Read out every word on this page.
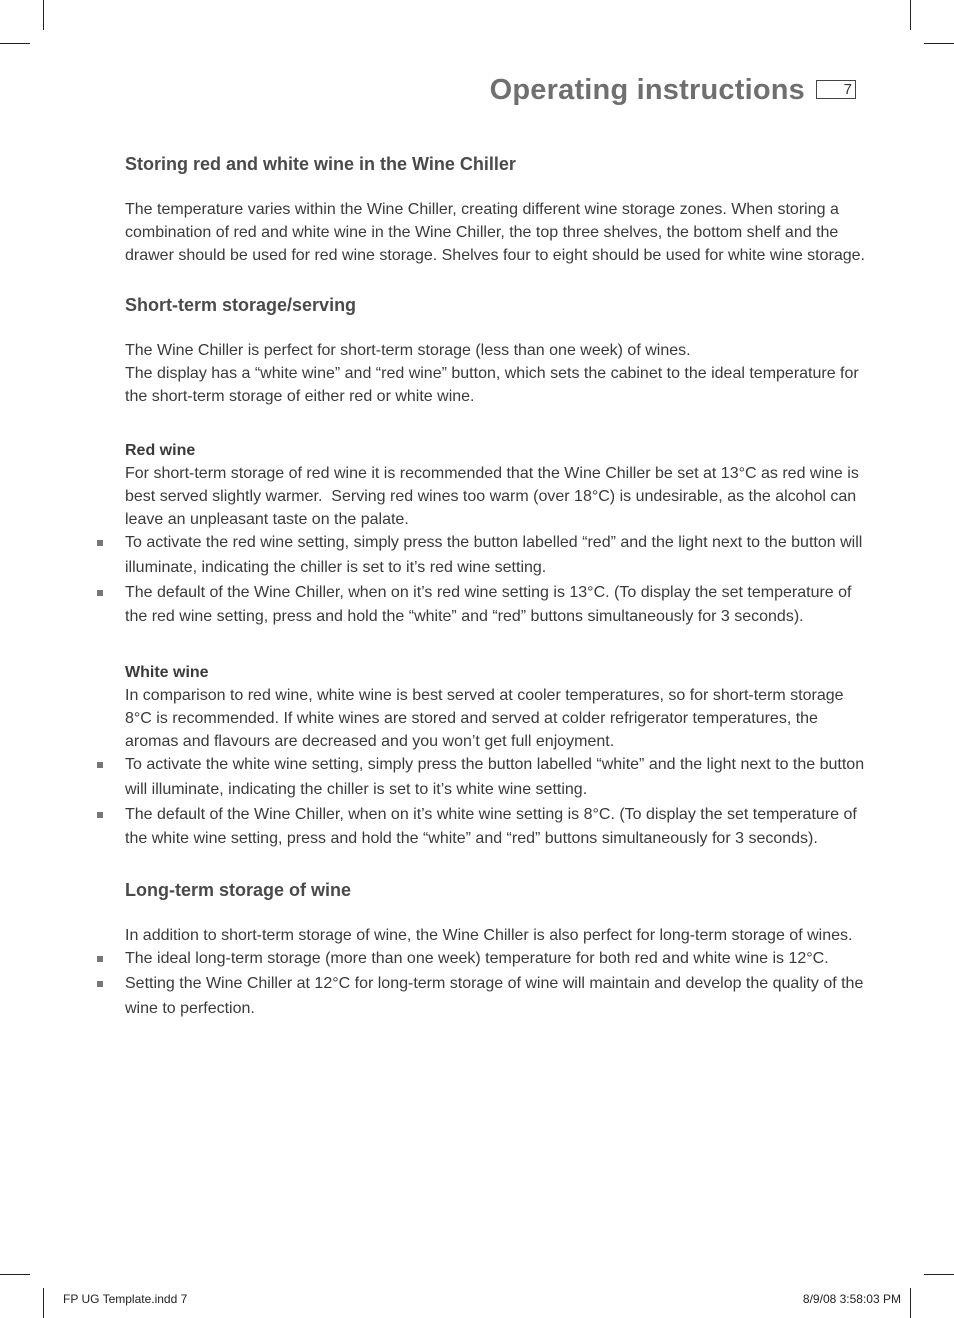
Operating instructions	7
Storing red and white wine in the Wine Chiller

The temperature varies within the Wine Chiller, creating different wine storage zones. When storing a combination of red and white wine in the Wine Chiller, the top three shelves, the bottom shelf and the drawer should be used for red wine storage. Shelves four to eight should be used for white wine storage.

Short-term storage/serving

The Wine Chiller is perfect for short-term storage (less than one week) of wines.

The display has a “white wine” and “red wine” button, which sets the cabinet to the ideal temperature for the short-term storage of either red or white wine.

Red wine

For short-term storage of red wine it is recommended that the Wine Chiller be set at 13°C as red wine is best served slightly warmer.  Serving red wines too warm (over 18°C) is undesirable, as the alcohol can leave an unpleasant taste on the palate.

To activate the red wine setting, simply press the button labelled “red” and the light next to the button will illuminate, indicating the chiller is set to it’s red wine setting.
The default of the Wine Chiller, when on it’s red wine setting is 13°C. (To display the set temperature of the red wine setting, press and hold the “white” and “red” buttons simultaneously for 3 seconds).
White wine

In comparison to red wine, white wine is best served at cooler temperatures, so for short-term storage 8°C is recommended. If white wines are stored and served at colder refrigerator temperatures, the aromas and flavours are decreased and you won’t get full enjoyment.

To activate the white wine setting, simply press the button labelled “white” and the light next to the button will illuminate, indicating the chiller is set to it’s white wine setting.
The default of the Wine Chiller, when on it’s white wine setting is 8°C. (To display the set temperature of the white wine setting, press and hold the “white” and “red” buttons simultaneously for 3 seconds).
Long-term storage of wine

In addition to short-term storage of wine, the Wine Chiller is also perfect for long-term storage of wines.

The ideal long-term storage (more than one week) temperature for both red and white wine is 12°C.
Setting the Wine Chiller at 12°C for long-term storage of wine will maintain and develop the quality of the wine to perfection.
FP UG Template.indd 7	8/9/08 3:58:03 PM
